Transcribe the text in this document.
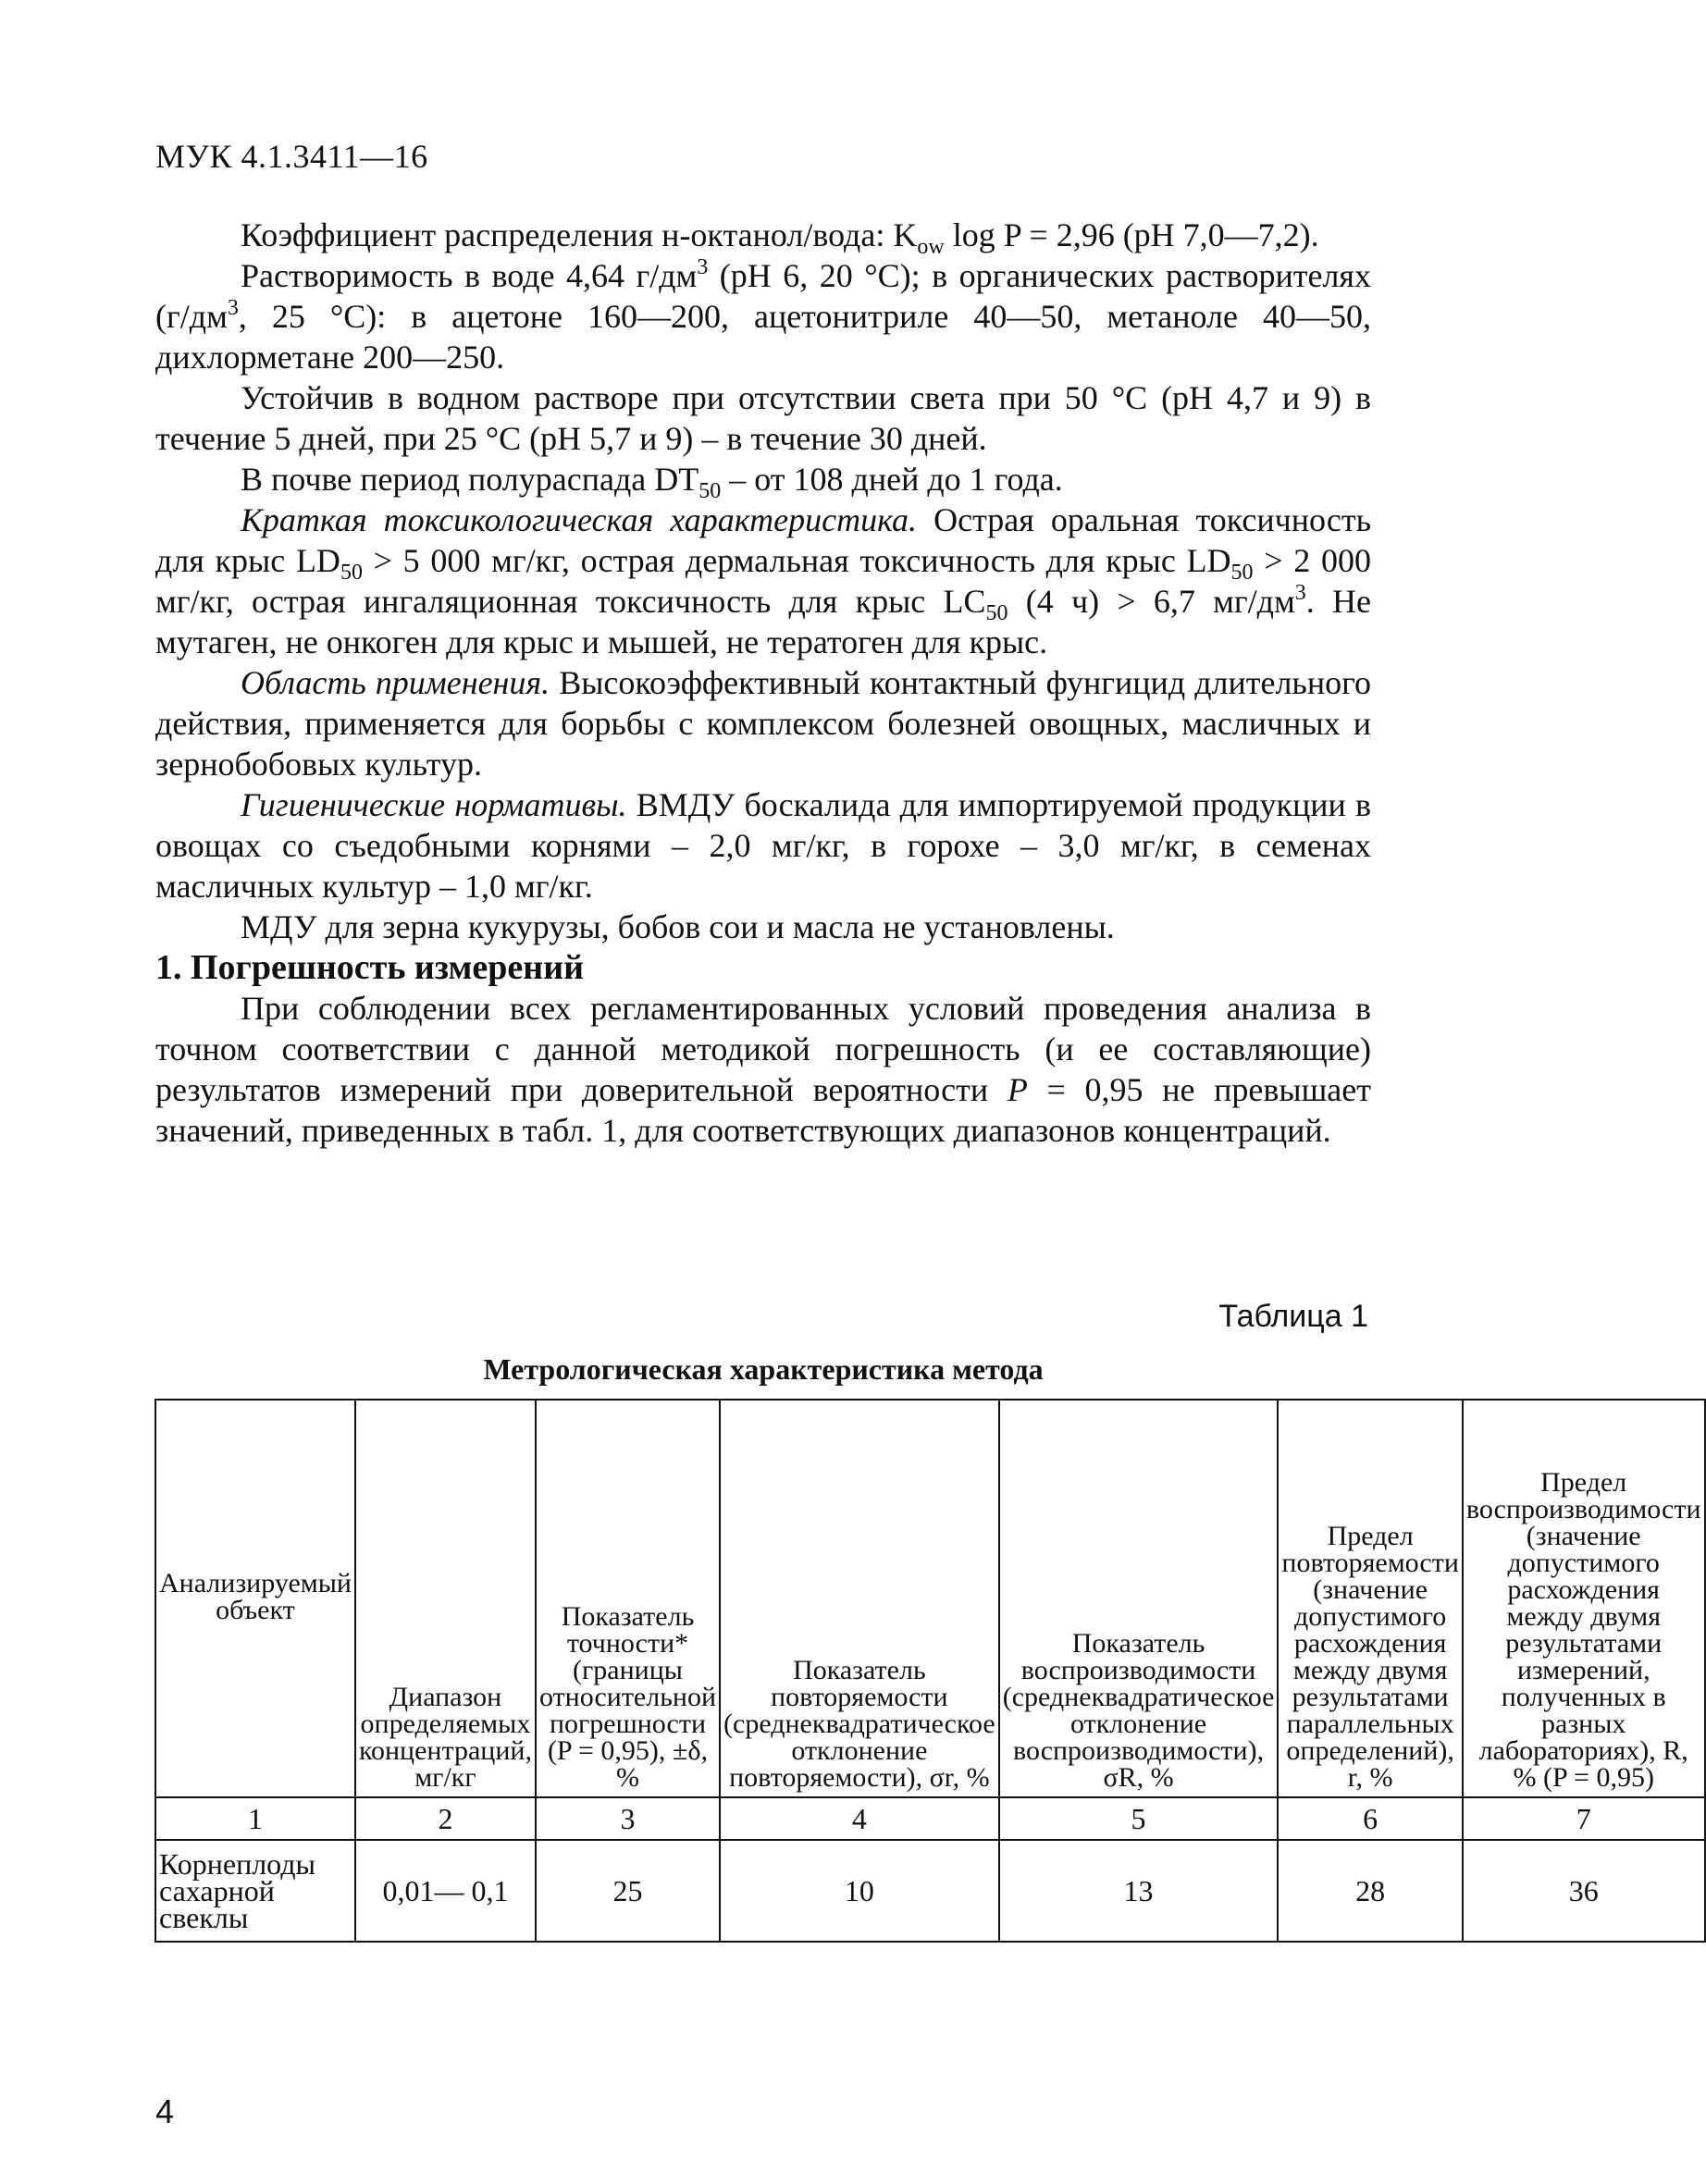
МУК 4.1.3411—16

Коэффициент распределения н-октанол/вода: $K_{ow}$ log P = 2,96 (pH 7,0—7,2).

Растворимость в воде 4,64 $г/дм^3$ (pH 6, 20 °C); в органических растворителях ($г/дм^3$, 25 °C): в ацетоне 160—200, ацетонитриле 40—50, метаноле 40—50, дихлорметане 200—250.

Устойчив в водном растворе при отсутствии света при 50 °C (pH 4,7 и 9) в течение 5 дней, при 25 °C (pH 5,7 и 9) – в течение 30 дней.

В почве период полураспада $DT_{50}$ – от 108 дней до 1 года.

Краткая токсикологическая характеристика. Острая оральная токсичность для крыс $LD_{50} > 5$ 000 мг/кг, острая дермальная токсичность для крыс $LD_{50} > 2$ 000 мг/кг, острая ингаляционная токсичность для крыс $LC_{50}$ (4 ч) > 6,7 $мг/дм^3$. Не мутаген, не онкоген для крыс и мышей, не тератоген для крыс.

Область применения. Высокоэффективный контактный фунгицид длительного действия, применяется для борьбы с комплексом болезней овощных, масличных и зернобобовых культур.

Гигиенические нормативы. ВМДУ боскалида для импортируемой продукции в овощах со съедобными корнями – 2,0 мг/кг, в горохе – 3,0 мг/кг, в семенах масличных культур – 1,0 мг/кг.

МДУ для зерна кукурузы, бобов сои и масла не установлены.

1. Погрешность измерений

При соблюдении всех регламентированных условий проведения анализа в точном соответствии с данной методикой погрешность (и ее составляющие) результатов измерений при доверительной вероятности P = 0,95 не превышает значений, приведенных в табл. 1, для соответствующих диапазонов концентраций.

Таблица 1
Метрологическая характеристика метода
Анализируемый объект	Диапазон определяемых концентраций, мг/кг	Показатель точности* (границы относительной погрешности (P = 0,95), ±δ, %	Показатель повторяемости (среднеквадратическое отклонение повторяемости), σr, %	Показатель воспроизводимости (среднеквадратическое отклонение воспроизводимости), σR, %	Предел повторяемости (значение допустимого расхождения между двумя результатами параллельных определений), r, %	Предел воспроизводимости (значение допустимого расхождения между двумя результатами измерений, полученных в разных лабораториях), R, % (P = 0,95)
1	2	3	4	5	6	7
Корнеплоды сахарной свеклы	0,01— 0,1	25	10	13	28	36
4
